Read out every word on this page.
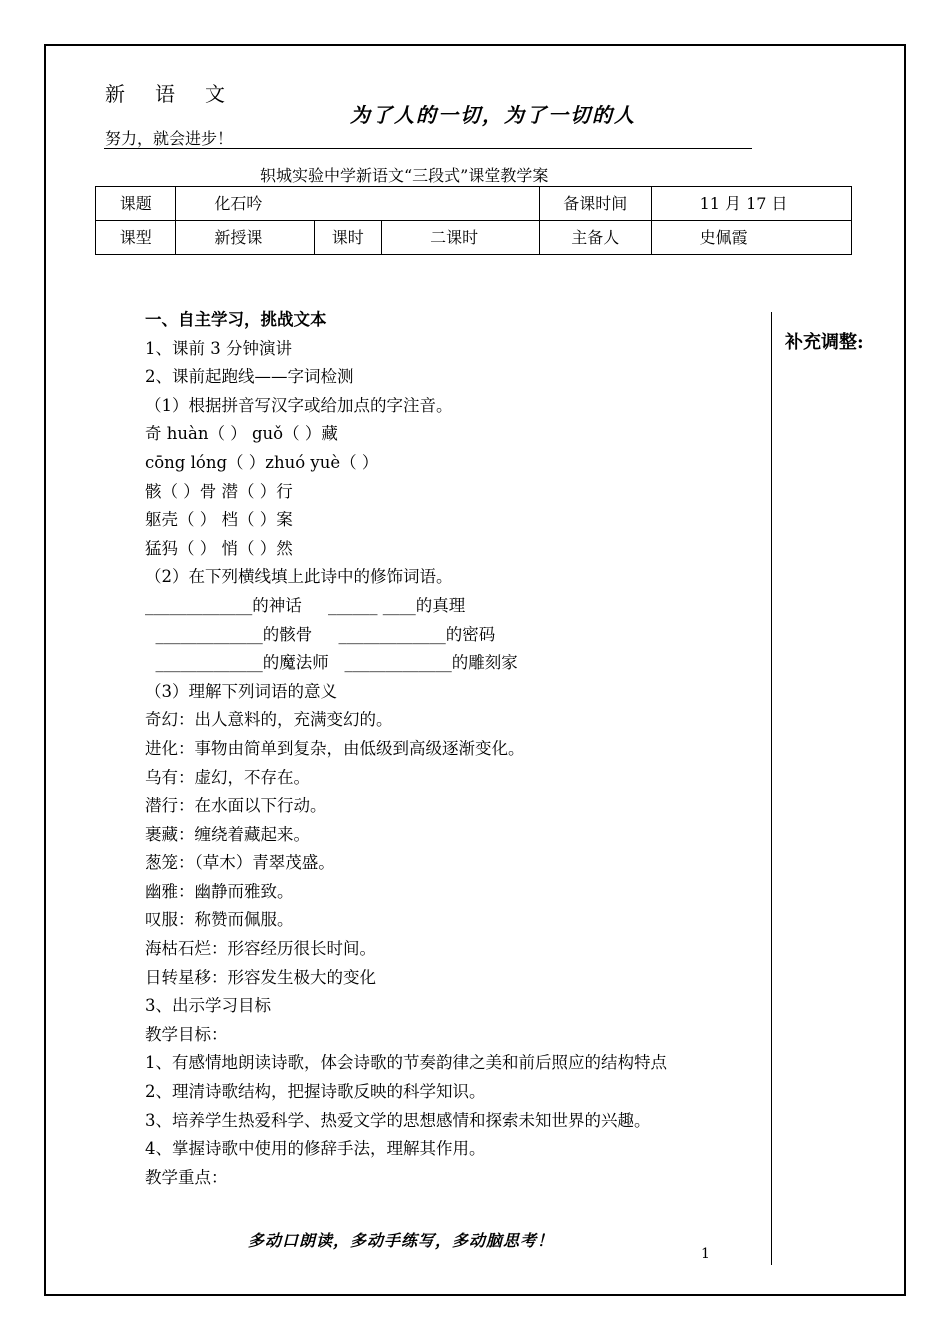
新 语 文
为了人的一切，为了一切的人
努力，就会进步！
轵城实验中学新语文“三段式”课堂教学案
课题	化石吟			备课时间	11 月 17 日
课型	新授课	课时	二课时	主备人	史佩霞
补充调整:
一、自主学习，挑战文本
1、课前 3 分钟演讲
2、课前起跑线——字词检测
（1）根据拼音写汉字或给加点的字注音。
奇 huàn（ ） guǒ（ ）藏
cōng lóng（ ）zhuó yuè（ ）
骸（ ）骨 潜（ ）行
躯壳（ ） 档（ ）案
猛犸（ ） 悄（ ）然
（2）在下列横线填上此诗中的修饰词语。
_____________的神话     ______ ____的真理
_____________的骸骨     _____________的密码
_____________的魔法师   _____________的雕刻家
（3）理解下列词语的意义
奇幻：出人意料的，充满变幻的。
进化：事物由简单到复杂，由低级到高级逐渐变化。
乌有：虚幻，不存在。
潜行：在水面以下行动。
裹藏：缠绕着藏起来。
葱笼：（草木）青翠茂盛。
幽雅：幽静而雅致。
叹服：称赞而佩服。
海枯石烂：形容经历很长时间。
日转星移：形容发生极大的变化
3、出示学习目标
教学目标：
1、有感情地朗读诗歌，体会诗歌的节奏韵律之美和前后照应的结构特点
2、理清诗歌结构，把握诗歌反映的科学知识。
3、培养学生热爱科学、热爱文学的思想感情和探索未知世界的兴趣。
4、掌握诗歌中使用的修辞手法，理解其作用。
教学重点：
多动口朗读，多动手练写，多动脑思考！
1
